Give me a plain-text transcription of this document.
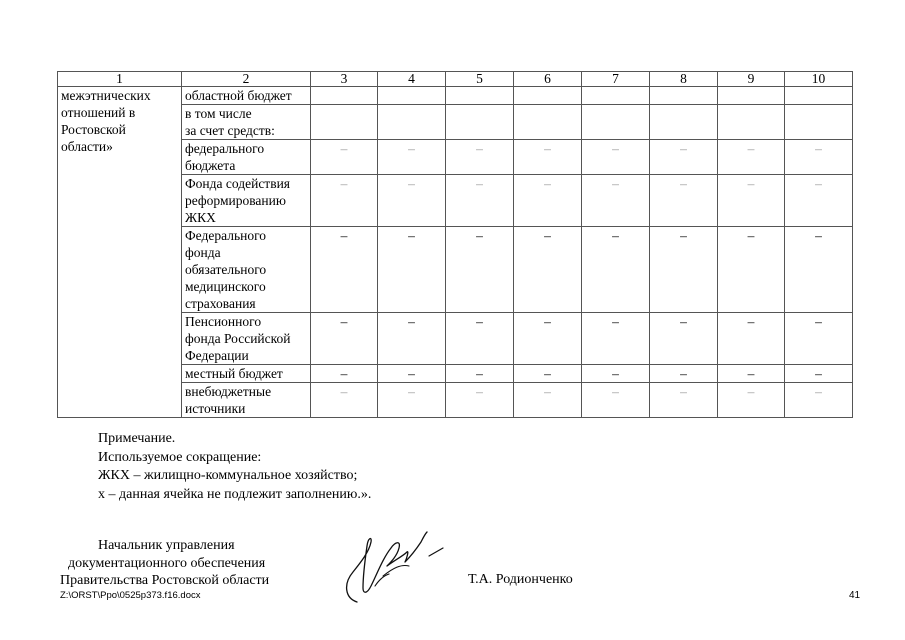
1	2	3	4	5	6	7	8	9	10

межэтнических
отношений в
Ростовской
области»	областной бюджет								

	в том числе
за счет средств:								

	федерального
бюджета	–	–	–	–	–	–	–	–

	Фонда содействия
реформированию
ЖКХ	–	–	–	–	–	–	–	–

	Федерального
фонда
обязательного
медицинского
страхования	–	–	–	–	–	–	–	–

	Пенсионного
фонда Российской
Федерации	–	–	–	–	–	–	–	–

	местный бюджет	–	–	–	–	–	–	–	–

	внебюджетные
источники	–	–	–	–	–	–	–	–
Примечание.
Используемое сокращение:
ЖКХ – жилищно-коммунальное хозяйство;
х – данная ячейка не подлежит заполнению.».
Начальник управления
документационного обеспечения
Правительства Ростовской области	Т.А. Родионченко
Z:\ORST\Ppo\0525p373.f16.docx	41
